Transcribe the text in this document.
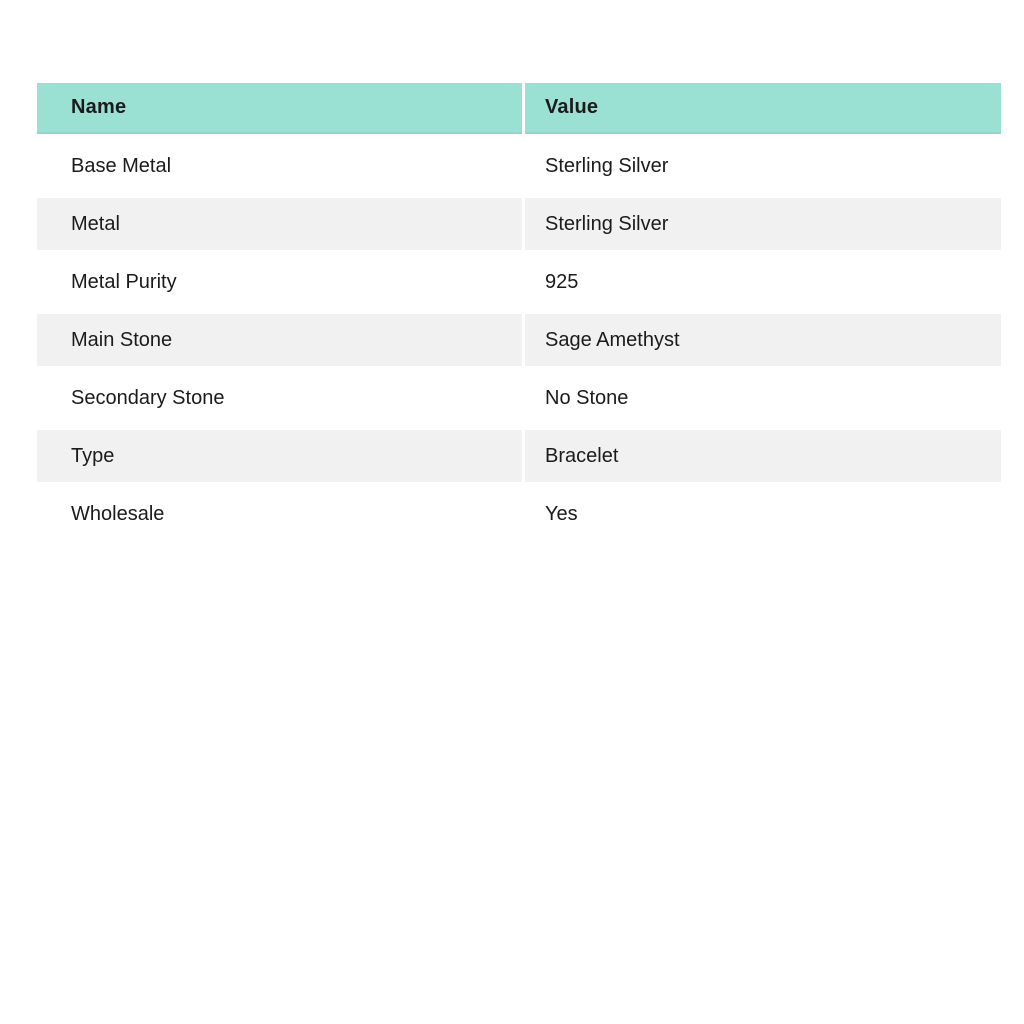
Name	Value
Base Metal	Sterling Silver
Metal	Sterling Silver
Metal Purity	925
Main Stone	Sage Amethyst
Secondary Stone	No Stone
Type	Bracelet
Wholesale	Yes
